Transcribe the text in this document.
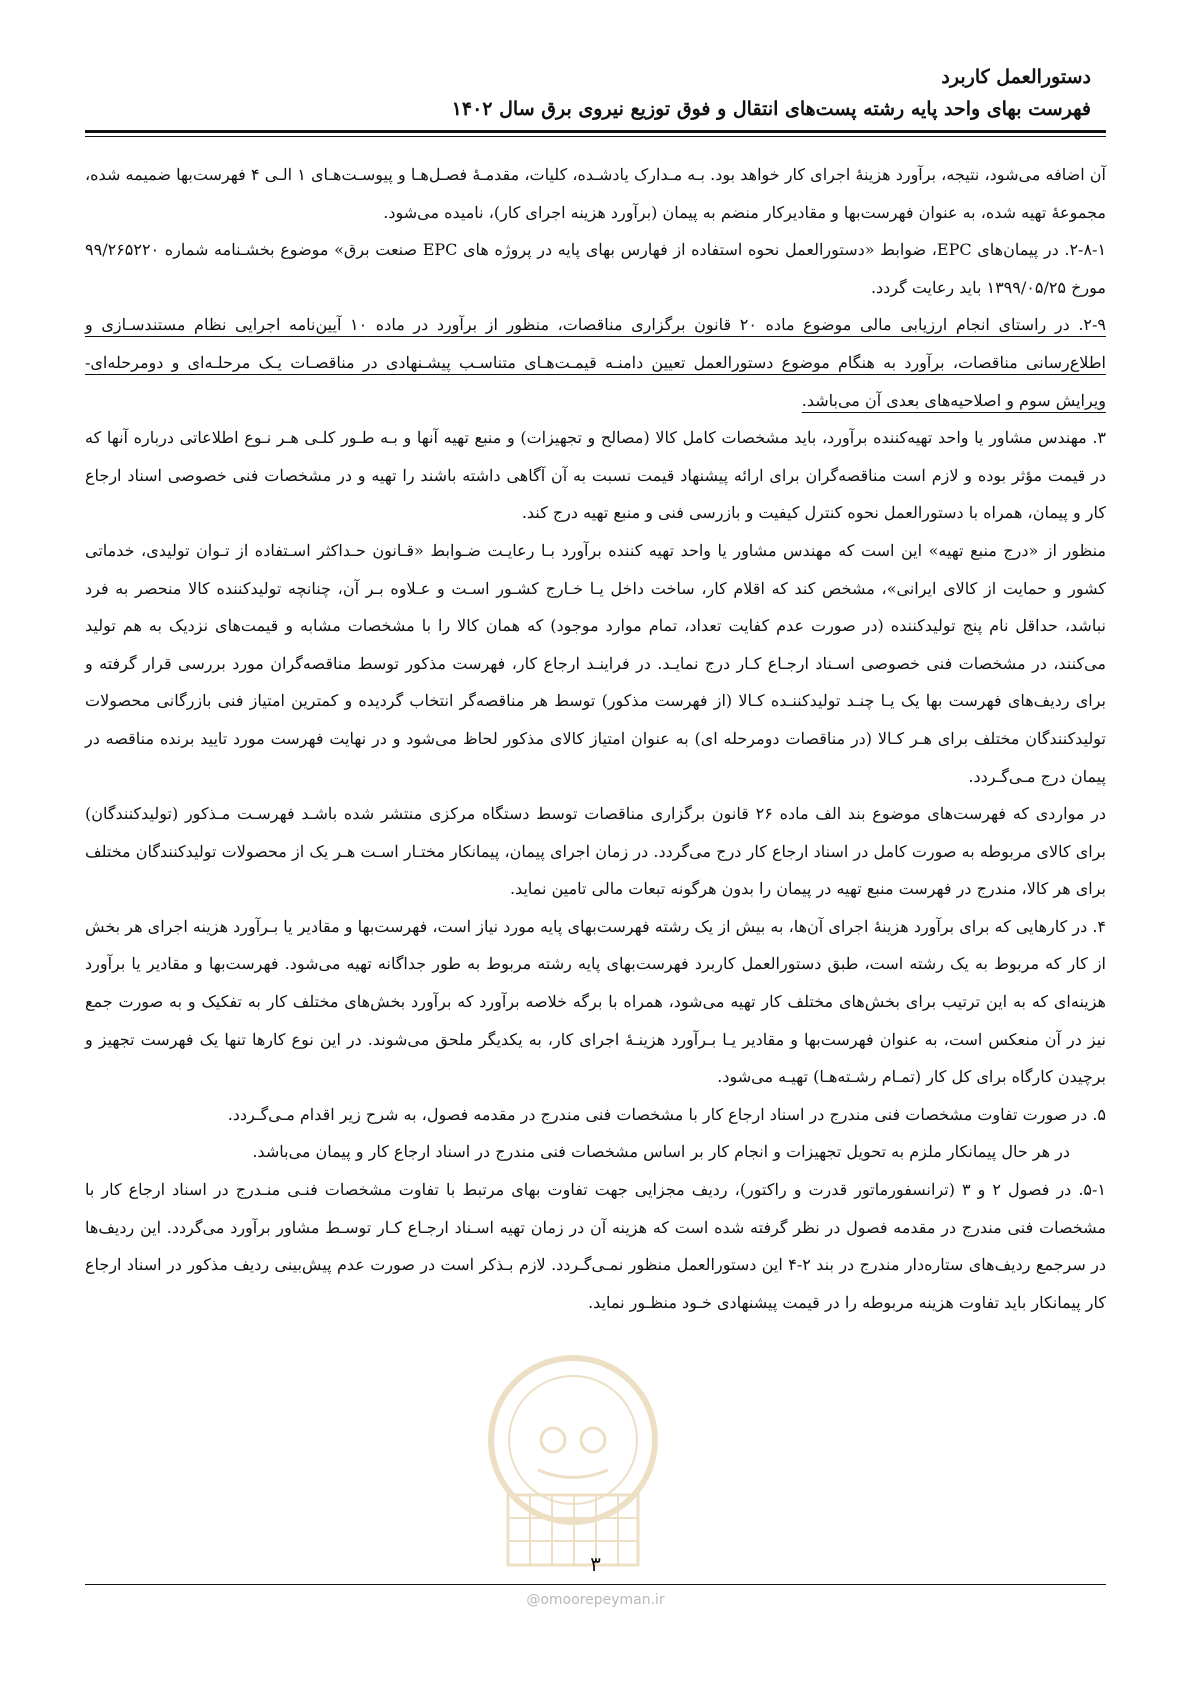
دستورالعمل کاربرد
فهرست بهای واحد پایه رشته پست‌های انتقال و فوق توزیع نیروی برق سال ۱۴۰۲

آن اضافه می‌شود، نتیجه، برآورد هزینهٔ اجرای کار خواهد بود. بـه مـدارک یادشـده، کلیات، مقدمـهٔ فصـل‌هـا و پیوسـت‌هـای ۱ الـی ۴ فهرست‌بها ضمیمه شده، مجموعهٔ تهیه شده، به عنوان فهرست‌بها و مقادیرکار منضم به پیمان (برآورد هزینه اجرای کار)، نامیده می‌شود.

۲-۸-۱. در پیمان‌های EPC، ضوابط «دستورالعمل نحوه استفاده از فهارس بهای پایه در پروژه های EPC صنعت برق» موضوع بخشـنامه شماره ۹۹/۲۶۵۲۲۰ مورخ ۱۳۹۹/۰۵/۲۵ باید رعایت گردد.

۲-۹. در راستای انجام ارزیابی مالی موضوع ماده ۲۰ قانون برگزاری مناقصات، منظور از برآورد در ماده ۱۰ آیین‌نامه اجرایی نظام مستندسـازی و اطلاع‌رسانی مناقصات، برآورد به هنگام موضوع دستورالعمل تعیین دامنـه قیمـت‌هـای متناسـب پیشـنهادی در مناقصـات یـک مرحلـه‌ای و دومرحله‌ای- ویرایش سوم و اصلاحیه‌های بعدی آن می‌باشد.

۳. مهندس مشاور یا واحد تهیه‌کننده برآورد، باید مشخصات کامل کالا (مصالح و تجهیزات) و منبع تهیه آنها و بـه طـور کلـی هـر نـوع اطلاعاتی درباره آنها که در قیمت مؤثر بوده و لازم است مناقصه‌گران برای ارائه پیشنهاد قیمت نسبت به آن آگاهی داشته باشند را تهیه و در مشخصات فنی خصوصی اسناد ارجاع کار و پیمان، همراه با دستورالعمل نحوه کنترل کیفیت و بازرسی فنی و منبع تهیه درج کند.

منظور از «درج منبع تهیه» این است که مهندس مشاور یا واحد تهیه کننده برآورد بـا رعایـت ضـوابط «قـانون حـداکثر اسـتفاده از تـوان تولیدی، خدماتی کشور و حمایت از کالای ایرانی»، مشخص کند که اقلام کار، ساخت داخل یـا خـارج کشـور اسـت و عـلاوه بـر آن، چنانچه تولیدکننده کالا منحصر به فرد نباشد، حداقل نام پنج تولیدکننده (در صورت عدم کفایت تعداد، تمام موارد موجود) که همان کالا را با مشخصات مشابه و قیمت‌های نزدیک به هم تولید می‌کنند، در مشخصات فنی خصوصی اسـناد ارجـاع کـار درج نمایـد. در فراینـد ارجاع کار، فهرست مذکور توسط مناقصه‌گران مورد بررسی قرار گرفته و برای ردیف‌های فهرست بها یک یـا چنـد تولیدکننـده کـالا (از فهرست مذکور) توسط هر مناقصه‌گر انتخاب گردیده و کمترین امتیاز فنی بازرگانی محصولات تولیدکنندگان مختلف برای هـر کـالا (در مناقصات دومرحله ای) به عنوان امتیاز کالای مذکور لحاظ می‌شود و در نهایت فهرست مورد تایید برنده مناقصه در پیمان درج مـی‌گـردد.

در مواردی که فهرست‌های موضوع بند الف ماده ۲۶ قانون برگزاری مناقصات توسط دستگاه مرکزی منتشر شده باشـد فهرسـت مـذکور (تولیدکنندگان) برای کالای مربوطه به صورت کامل در اسناد ارجاع کار درج می‌گردد. در زمان اجرای پیمان، پیمانکار مختـار اسـت هـر یک از محصولات تولیدکنندگان مختلف برای هر کالا، مندرج در فهرست منبع تهیه در پیمان را بدون هرگونه تبعات مالی تامین نماید.

۴. در کارهایی که برای برآورد هزینهٔ اجرای آن‌ها، به بیش از یک رشته فهرست‌بهای پایه مورد نیاز است، فهرست‌بها و مقادیر یا بـرآورد هزینه اجرای هر بخش از کار که مربوط به یک رشته است، طبق دستورالعمل کاربرد فهرست‌بهای پایه رشته مربوط به طور جداگانه تهیه می‌شود. فهرست‌بها و مقادیر یا برآورد هزینه‌ای که به این ترتیب برای بخش‌های مختلف کار تهیه می‌شود، همراه با برگه خلاصه برآورد که برآورد بخش‌های مختلف کار به تفکیک و به صورت جمع نیز در آن منعکس است، به عنوان فهرست‌بها و مقادیر یـا بـرآورد هزینـهٔ اجرای کار، به یکدیگر ملحق می‌شوند. در این نوع کارها تنها یک فهرست تجهیز و برچیدن کارگاه برای کل کار (تمـام رشـته‌هـا) تهیـه می‌شود.

۵. در صورت تفاوت مشخصات فنی مندرج در اسناد ارجاع کار با مشخصات فنی مندرج در مقدمه فصول، به شرح زیر اقدام مـی‌گـردد.

در هر حال پیمانکار ملزم به تحویل تجهیزات و انجام کار بر اساس مشخصات فنی مندرج در اسناد ارجاع کار و پیمان می‌باشد.

۵-۱. در فصول ۲ و ۳ (ترانسفورماتور قدرت و راکتور)، ردیف مجزایی جهت تفاوت بهای مرتبط با تفاوت مشخصات فنـی منـدرج در اسناد ارجاع کار با مشخصات فنی مندرج در مقدمه فصول در نظر گرفته شده است که هزینه آن در زمان تهیه اسـناد ارجـاع کـار توسـط مشاور برآورد می‌گردد. این ردیف‌ها در سرجمع ردیف‌های ستاره‌دار مندرج در بند ۲-۴ این دستورالعمل منظور نمـی‌گـردد. لازم بـذکر است در صورت عدم پیش‌بینی ردیف مذکور در اسناد ارجاع کار پیمانکار باید تفاوت هزینه مربوطه را در قیمت پیشنهادی خـود منظـور نماید.

۳
@omoorepeyman.ir
